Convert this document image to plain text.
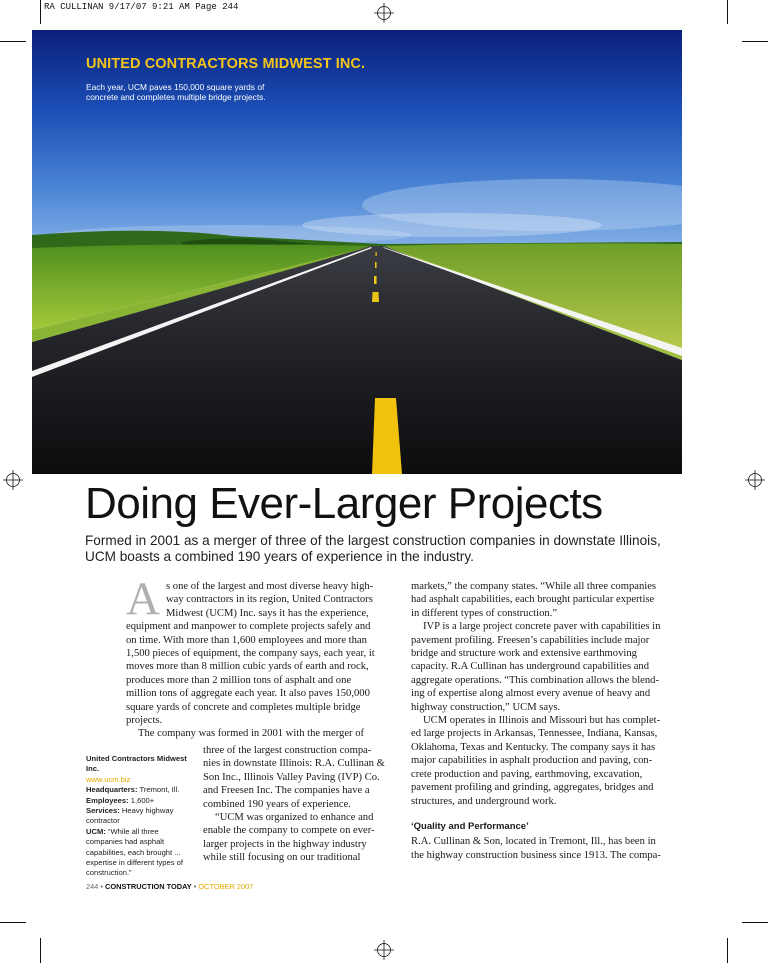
RA CULLINAN 9/17/07 9:21 AM Page 244
UNITED CONTRACTORS MIDWEST INC.
Each year, UCM paves 150,000 square yards of concrete and completes multiple bridge projects.
Doing Ever-Larger Projects
Formed in 2001 as a merger of three of the largest construction companies in downstate Illinois, UCM boasts a combined 190 years of experience in the industry.
A s one of the largest and most diverse heavy high-

way contractors in its region, United Contractors

Midwest (UCM) Inc. says it has the experience,

equipment and manpower to complete projects safely and

on time. With more than 1,600 employees and more than

1,500 pieces of equipment, the company says, each year, it

moves more than 8 million cubic yards of earth and rock,

produces more than 2 million tons of asphalt and one

million tons of aggregate each year. It also paves 150,000

square yards of concrete and completes multiple bridge

projects.

The company was formed in 2001 with the merger of

three of the largest construction compa-

nies in downstate Illinois: R.A. Cullinan &

Son Inc., Illinois Valley Paving (IVP) Co.

and Freesen Inc. The companies have a

combined 190 years of experience.

“UCM was organized to enhance and

enable the company to compete on ever-

larger projects in the highway industry

while still focusing on our traditional

markets,” the company states. “While all three companies

had asphalt capabilities, each brought particular expertise

in different types of construction.”

IVP is a large project concrete paver with capabilities in

pavement profiling. Freesen’s capabilities include major

bridge and structure work and extensive earthmoving

capacity. R.A Cullinan has underground capabilities and

aggregate operations. “This combination allows the blend-

ing of expertise along almost every avenue of heavy and

highway construction,” UCM says.

UCM operates in Illinois and Missouri but has complet-

ed large projects in Arkansas, Tennessee, Indiana, Kansas,

Oklahoma, Texas and Kentucky. The company says it has

major capabilities in asphalt production and paving, con-

crete production and paving, earthmoving, excavation,

pavement profiling and grinding, aggregates, bridges and

structures, and underground work.

‘Quality and Performance’

R.A. Cullinan & Son, located in Tremont, Ill., has been in

the highway construction business since 1913. The compa-

United Contractors Midwest Inc.
www.ucm.biz
Headquarters: Tremont, Ill.
Employees: 1,600+
Services: Heavy highway contractor
UCM: “While all three companies had asphalt capabilities, each brought ... expertise in different types of construction.”
244 • CONSTRUCTION TODAY • OCTOBER 2007
